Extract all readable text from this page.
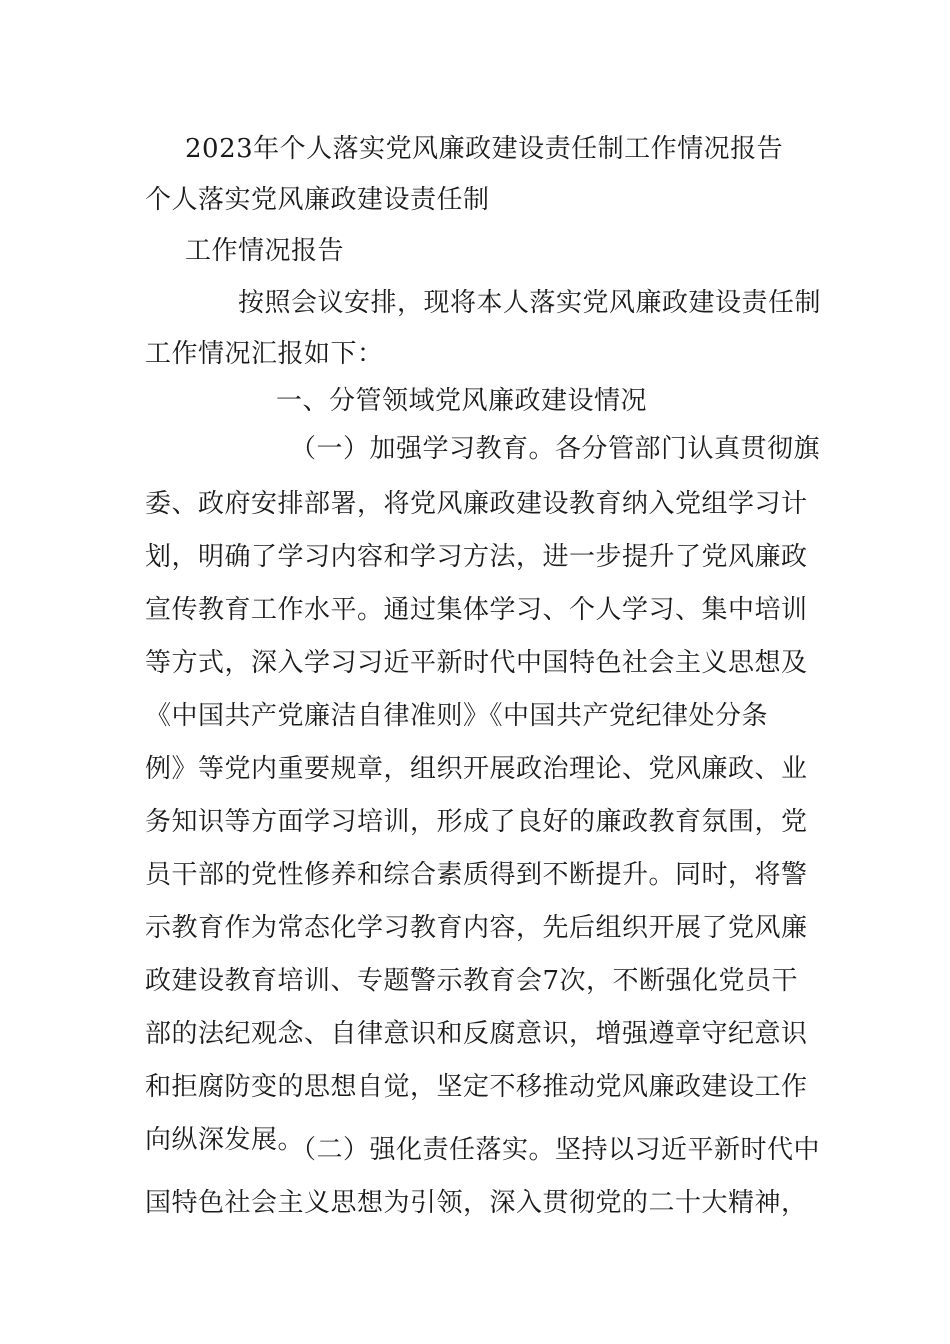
2023年个人落实党风廉政建设责任制工作情况报告
个人落实党风廉政建设责任制
工作情况报告
按照会议安排，现将本人落实党风廉政建设责任制
工作情况汇报如下：
一、分管领域党风廉政建设情况
（一）加强学习教育。各分管部门认真贯彻旗
委、政府安排部署，将党风廉政建设教育纳入党组学习计
划，明确了学习内容和学习方法，进一步提升了党风廉政
宣传教育工作水平。通过集体学习、个人学习、集中培训
等方式，深入学习习近平新时代中国特色社会主义思想及
《中国共产党廉洁自律准则》《中国共产党纪律处分条
例》等党内重要规章，组织开展政治理论、党风廉政、业
务知识等方面学习培训，形成了良好的廉政教育氛围，党
员干部的党性修养和综合素质得到不断提升。同时，将警
示教育作为常态化学习教育内容，先后组织开展了党风廉
政建设教育培训、专题警示教育会7次，不断强化党员干
部的法纪观念、自律意识和反腐意识，增强遵章守纪意识
和拒腐防变的思想自觉，坚定不移推动党风廉政建设工作
向纵深发展。
（二）强化责任落实。坚持以习近平新时代中
国特色社会主义思想为引领，深入贯彻党的二十大精神，
